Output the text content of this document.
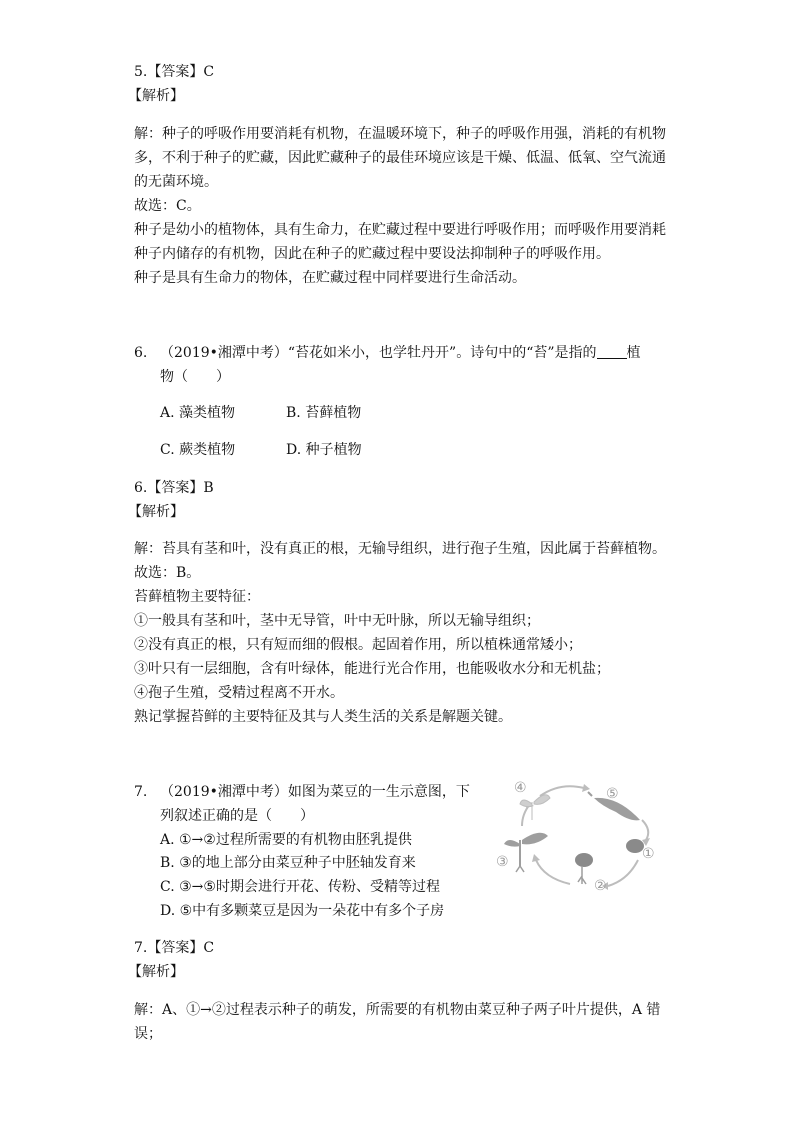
5.【答案】C
【解析】
解：种子的呼吸作用要消耗有机物，在温暖环境下，种子的呼吸作用强，消耗的有机物
多，不利于种子的贮藏，因此贮藏种子的最佳环境应该是干燥、低温、低氧、空气流通
的无菌环境。
故选：C。
种子是幼小的植物体，具有生命力，在贮藏过程中要进行呼吸作用；而呼吸作用要消耗
种子内储存的有机物，因此在种子的贮藏过程中要设法抑制种子的呼吸作用。
种子是具有生命力的物体，在贮藏过程中同样要进行生命活动。
6. （2019•湘潭中考）“苔花如米小，也学牡丹开”。诗句中的“苔”是指的 植
物（　　）
A. 藻类植物	B. 苔藓植物
C. 蕨类植物	D. 种子植物
6.【答案】B
【解析】
解：苔具有茎和叶，没有真正的根，无输导组织，进行孢子生殖，因此属于苔藓植物。
故选：B。
苔藓植物主要特征：
①一般具有茎和叶，茎中无导管，叶中无叶脉，所以无输导组织；
②没有真正的根，只有短而细的假根。起固着作用，所以植株通常矮小；
③叶只有一层细胞，含有叶绿体，能进行光合作用，也能吸收水分和无机盐；
④孢子生殖，受精过程离不开水。
熟记掌握苔鲜的主要特征及其与人类生活的关系是解题关键。
7. （2019•湘潭中考）如图为菜豆的一生示意图，下
列叙述正确的是（　　）
A. ①→②过程所需要的有机物由胚乳提供
B. ③的地上部分由菜豆种子中胚轴发育来
C. ③→⑤时期会进行开花、传粉、受精等过程
D. ⑤中有多颗菜豆是因为一朵花中有多个子房
④	⑤
①
②
③
7.【答案】C
【解析】
解：A、①→②过程表示种子的萌发，所需要的有机物由菜豆种子两子叶片提供，A 错
误；
